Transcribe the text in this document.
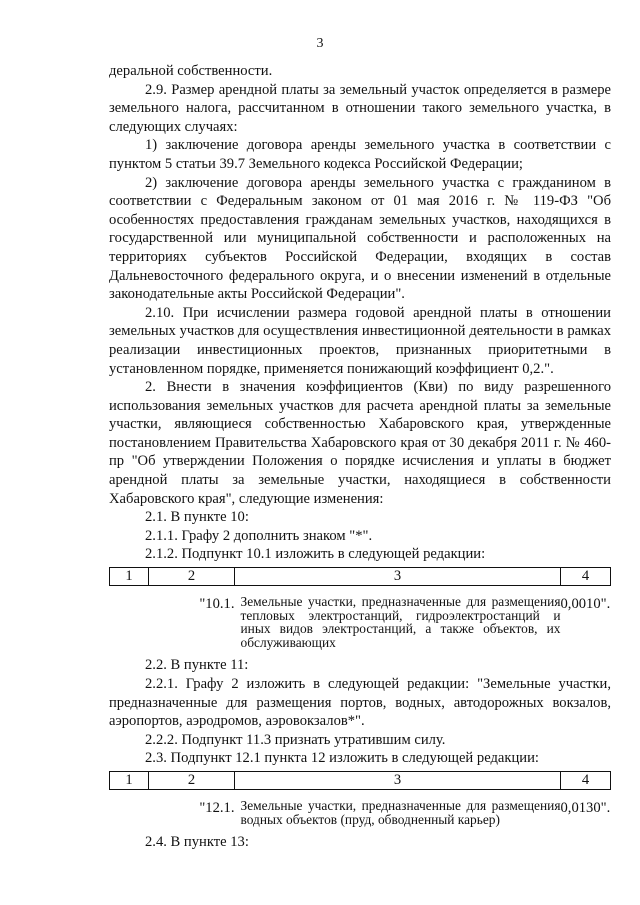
3

деральной собственности.

2.9. Размер арендной платы за земельный участок определяется в размере земельного налога, рассчитанном в отношении такого земельного участка, в следующих случаях:

1) заключение договора аренды земельного участка в соответствии с пунктом 5 статьи 39.7 Земельного кодекса Российской Федерации;

2) заключение договора аренды земельного участка с гражданином в соответствии с Федеральным законом от 01 мая 2016 г. № 119-ФЗ "Об особенностях предоставления гражданам земельных участков, находящихся в государственной или муниципальной собственности и расположенных на территориях субъектов Российской Федерации, входящих в состав Дальневосточного федерального округа, и о внесении изменений в отдельные законодательные акты Российской Федерации".

2.10. При исчислении размера годовой арендной платы в отношении земельных участков для осуществления инвестиционной деятельности в рамках реализации инвестиционных проектов, признанных приоритетными в установленном порядке, применяется понижающий коэффициент 0,2.".

2. Внести в значения коэффициентов (Кви) по виду разрешенного использования земельных участков для расчета арендной платы за земельные участки, являющиеся собственностью Хабаровского края, утвержденные постановлением Правительства Хабаровского края от 30 декабря 2011 г. № 460-пр "Об утверждении Положения о порядке исчисления и уплаты в бюджет арендной платы за земельные участки, находящиеся в собственности Хабаровского края", следующие изменения:

2.1. В пункте 10:

2.1.1. Графу 2 дополнить знаком "*".

2.1.2. Подпункт 10.1 изложить в следующей редакции:

1	2	3	4
	"10.1.	Земельные участки, предназначенные для размещения тепловых электростанций, гидроэлектростанций и иных видов электростанций, а также объектов, их обслуживающих	0,0010".

2.2. В пункте 11:

2.2.1. Графу 2 изложить в следующей редакции: "Земельные участки, предназначенные для размещения портов, водных, автодорожных вокзалов, аэропортов, аэродромов, аэровокзалов*".

2.2.2. Подпункт 11.3 признать утратившим силу.

2.3. Подпункт 12.1 пункта 12 изложить в следующей редакции:

1	2	3	4
	"12.1.	Земельные участки, предназначенные для размещения водных объектов (пруд, обводненный карьер)	0,0130".

2.4. В пункте 13:
